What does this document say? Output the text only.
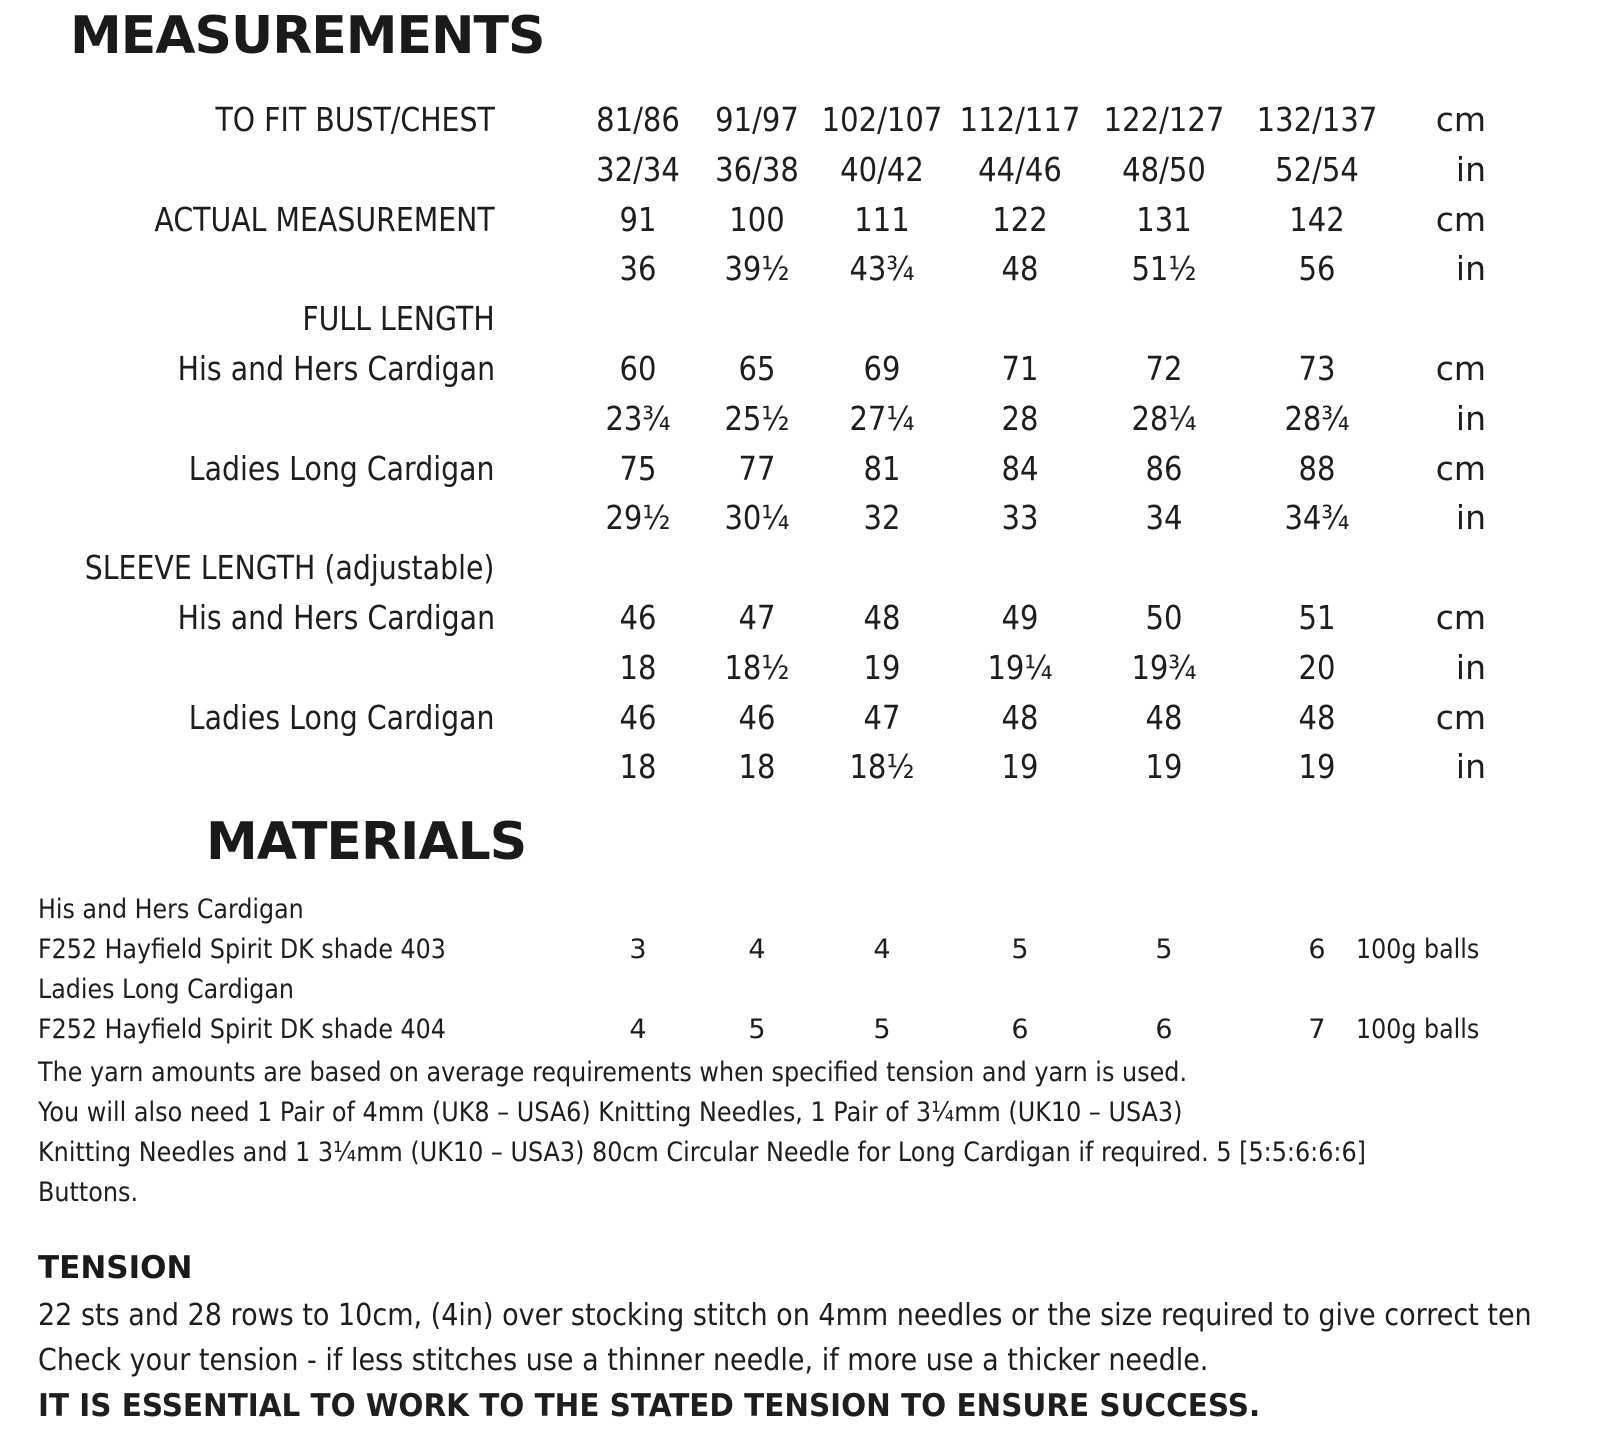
MEASUREMENTS
TO FIT BUST/CHEST	81/86	91/97 102/107 112/117 122/127 132/137	cm
32/34	36/38	40/42	44/46	48/50	52/54	in
ACTUAL MEASUREMENT	91	100	111	122	131	142	cm
36	39½	43¾	48	51½	56	in
FULL LENGTH
His and Hers Cardigan	60	65	69	71	72	73	cm
23¾	25½	27¼	28	28¼	28¾	in
Ladies Long Cardigan	75	77	81	84	86	88	cm
29½	30¼	32	33	34	34¾	in
SLEEVE LENGTH (adjustable)
His and Hers Cardigan	46	47	48	49	50	51	cm
18	18½	19	19¼	19¾	20	in
Ladies Long Cardigan	46	46	47	48	48	48	cm
18	18	18½	19	19	19	in
MATERIALS
His and Hers Cardigan
F252 Hayfield Spirit DK shade 403	3	4	4	5	5	6	100g balls
Ladies Long Cardigan
F252 Hayfield Spirit DK shade 404	4	5	5	6	6	7	100g balls
The yarn amounts are based on average requirements when specified tension and yarn is used.
You will also need 1 Pair of 4mm (UK8 – USA6) Knitting Needles, 1 Pair of 3¼mm (UK10 – USA3)
Knitting Needles and 1 3¼mm (UK10 – USA3) 80cm Circular Needle for Long Cardigan if required. 5 [5:5:6:6:6]
Buttons.
TENSION
22 sts and 28 rows to 10cm, (4in) over stocking stitch on 4mm needles or the size required to give correct ten
Check your tension - if less stitches use a thinner needle, if more use a thicker needle.
IT IS ESSENTIAL TO WORK TO THE STATED TENSION TO ENSURE SUCCESS.
